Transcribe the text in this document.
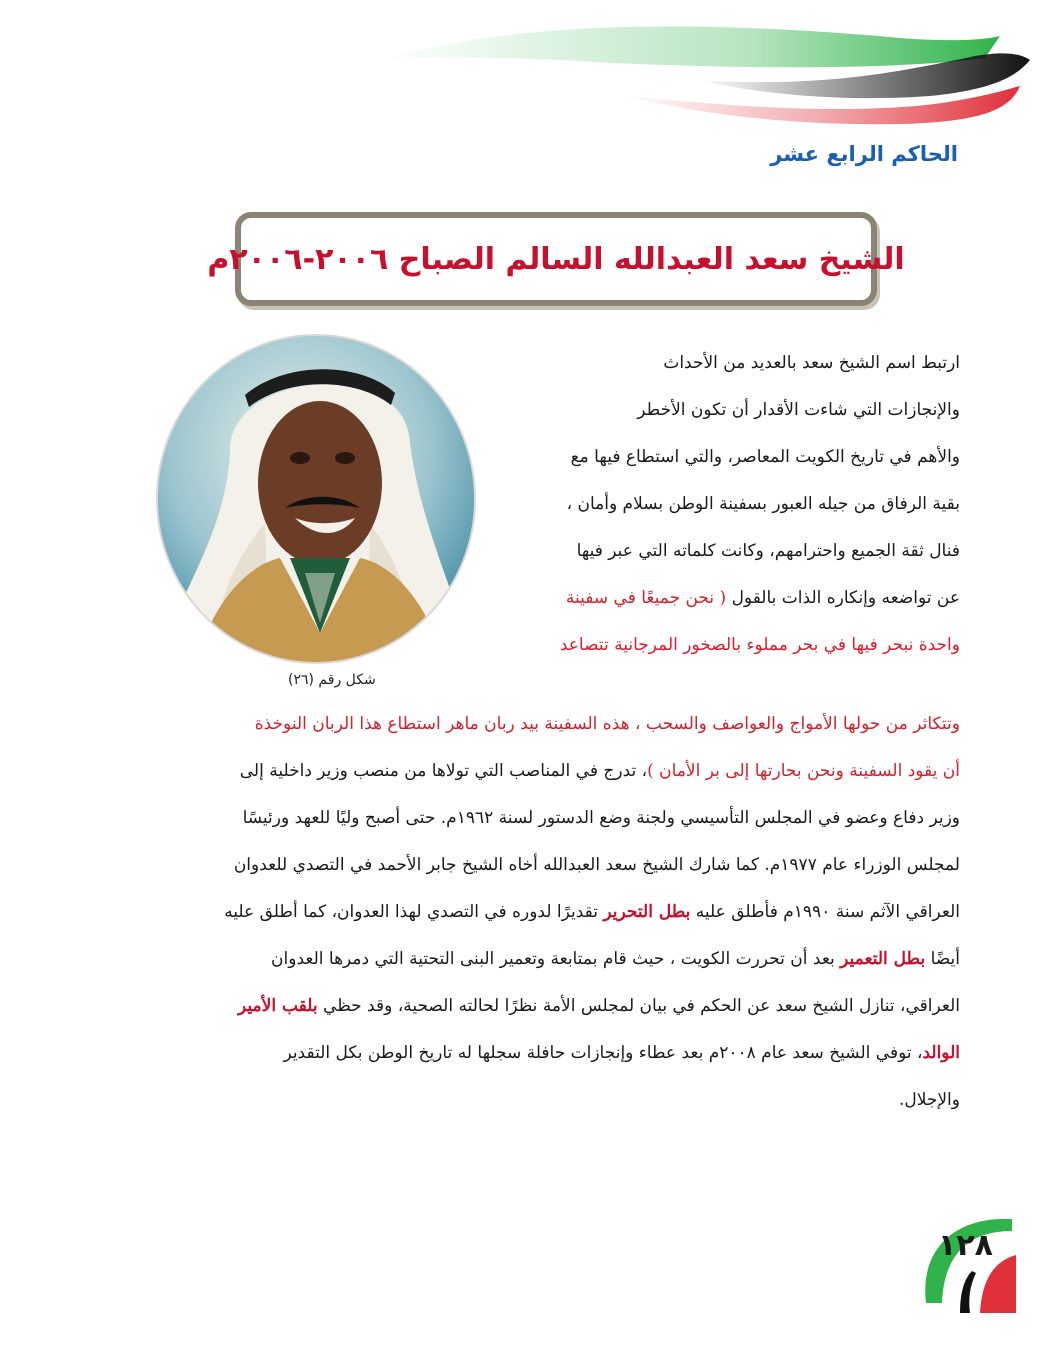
الحاكم الرابع عشر
الشيخ سعد العبدالله السالم الصباح ٢٠٠٦-٢٠٠٦م
شكل رقم (٢٦)
ارتبط اسم الشيخ سعد بالعديد من الأحداث
والإنجازات التي شاءت الأقدار أن تكون الأخطر
والأهم في تاريخ الكويت المعاصر، والتي استطاع فيها مع
بقية الرفاق من جيله العبور بسفينة الوطن بسلام وأمان ،
فنال ثقة الجميع واحترامهم، وكانت كلماته التي عبر فيها
عن تواضعه وإنكاره الذات بالقول ( نحن جميعًا في سفينة
واحدة نبحر فيها في بحر مملوء بالصخور المرجانية تتصاعد
وتتكاثر من حولها الأمواج والعواصف والسحب ، هذه السفينة بيد ربان ماهر استطاع هذا الربان النوخذة
أن يقود السفينة ونحن بحارتها إلى بر الأمان )، تدرج في المناصب التي تولاها من منصب وزير داخلية إلى
وزير دفاع وعضو في المجلس التأسيسي ولجنة وضع الدستور لسنة ١٩٦٢م. حتى أصبح وليًا للعهد ورئيسًا
لمجلس الوزراء عام ١٩٧٧م. كما شارك الشيخ سعد العبدالله أخاه الشيخ جابر الأحمد في التصدي للعدوان
العراقي الآثم سنة ١٩٩٠م فأطلق عليه بطل التحرير تقديرًا لدوره في التصدي لهذا العدوان، كما أطلق عليه
أيضًا بطل التعمير بعد أن تحررت الكويت ، حيث قام بمتابعة وتعمير البنى التحتية التي دمرها العدوان
العراقي، تنازل الشيخ سعد عن الحكم في بيان لمجلس الأمة نظرًا لحالته الصحية، وقد حظي بلقب الأمير
الوالد، توفي الشيخ سعد عام ٢٠٠٨م بعد عطاء وإنجازات حافلة سجلها له تاريخ الوطن بكل التقدير
والإجلال.
١٢٨
